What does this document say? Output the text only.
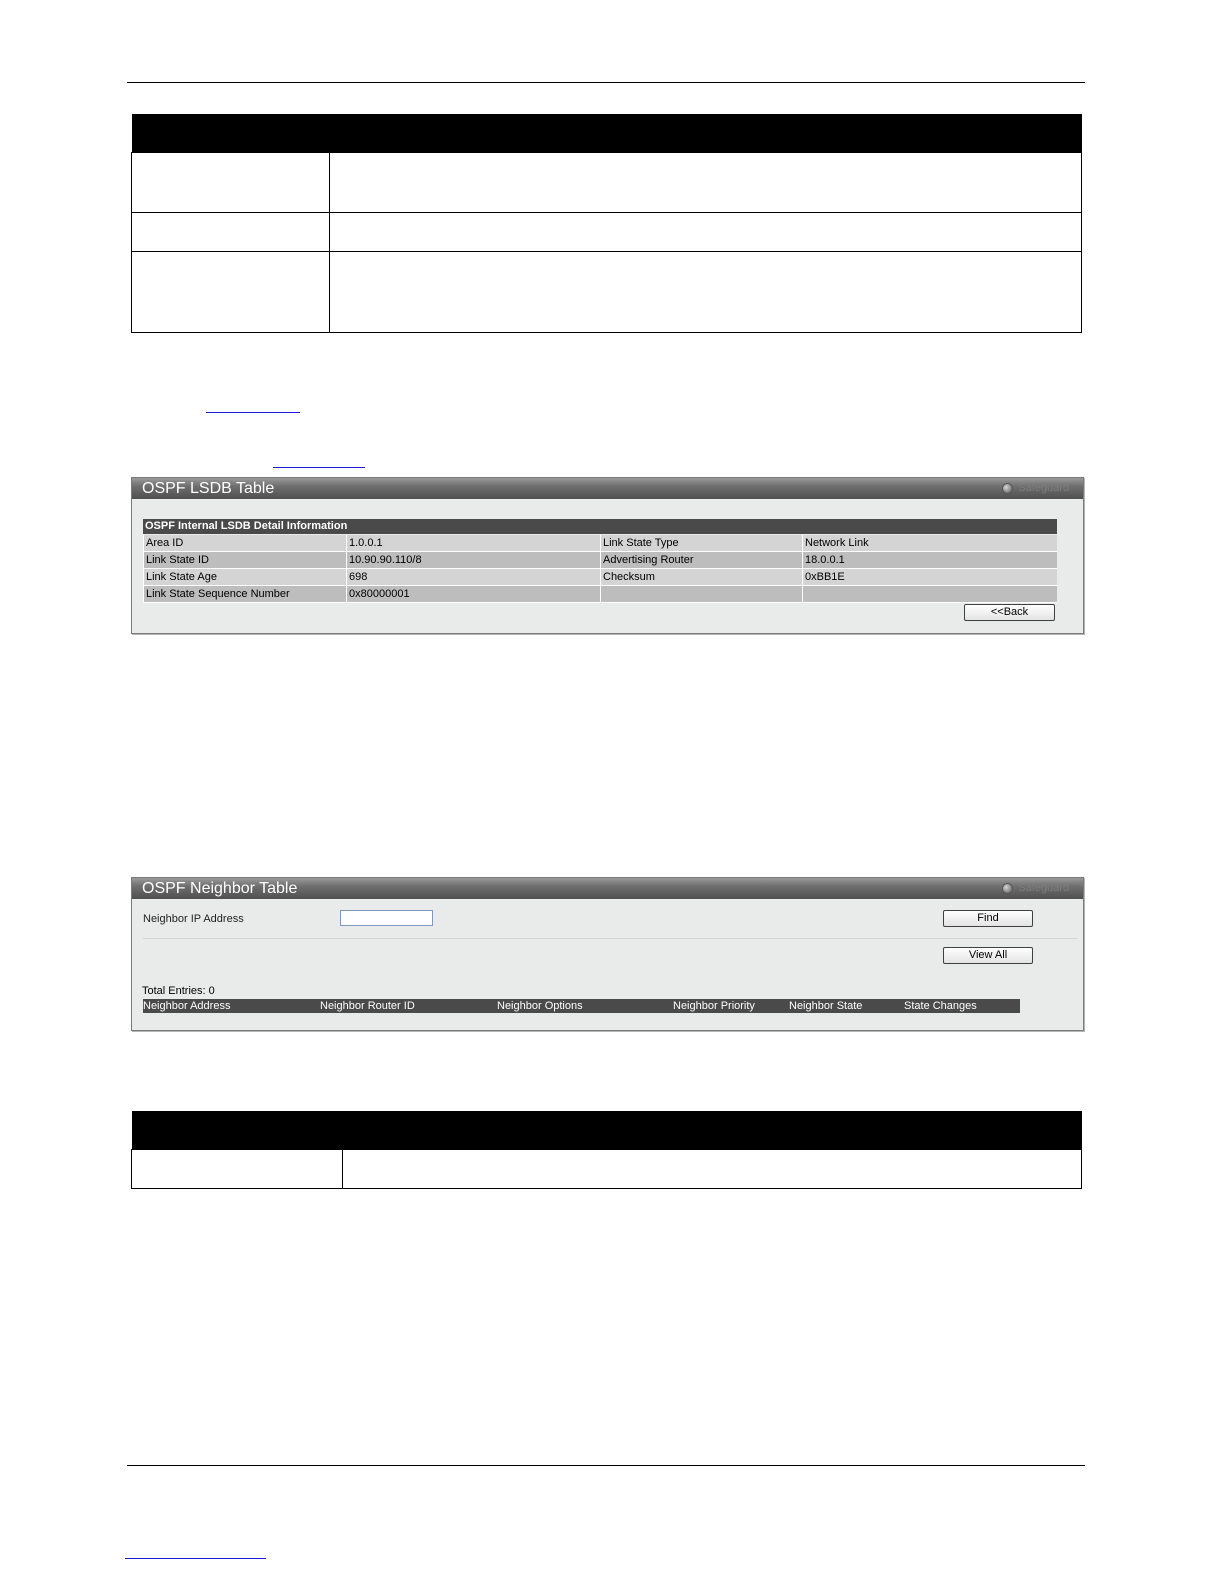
OSPF LSDB Table	Safeguard
OSPF Internal LSDB Detail Information
Area ID	1.0.0.1	Link State Type	Network Link
Link State ID	10.90.90.110/8	Advertising Router	18.0.0.1
Link State Age	698	Checksum	0xBB1E
Link State Sequence Number	0x80000001		
<<Back
OSPF Neighbor Table	Safeguard
Neighbor IP Address	Find
View All
Total Entries: 0
Neighbor Address	Neighbor Router ID	Neighbor Options	Neighbor Priority	Neighbor State	State Changes
